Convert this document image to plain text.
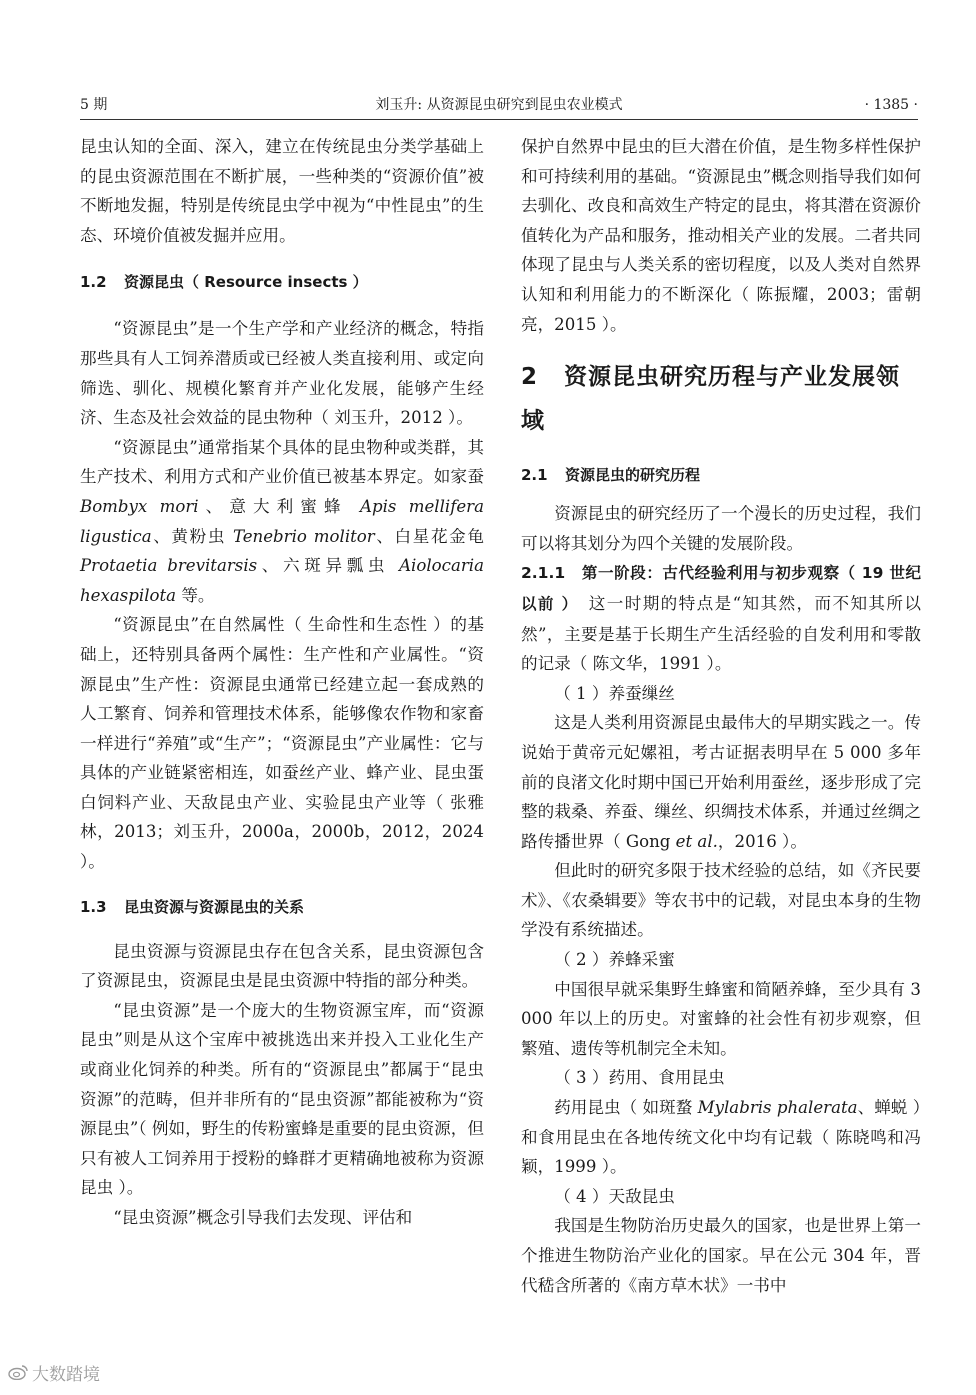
5 期	刘玉升: 从资源昆虫研究到昆虫农业模式	· 1385 ·

昆虫认知的全面、深入，建立在传统昆虫分类学基础上的昆虫资源范围在不断扩展，一些种类的“资源价值”被不断地发掘，特别是传统昆虫学中视为“中性昆虫”的生态、环境价值被发掘并应用。

1.2 资源昆虫（ Resource insects ）

“资源昆虫”是一个生产学和产业经济的概念，特指那些具有人工饲养潜质或已经被人类直接利用、或定向筛选、驯化、规模化繁育并产业化发展，能够产生经济、生态及社会效益的昆虫物种（ 刘玉升，2012 ）。

“资源昆虫”通常指某个具体的昆虫物种或类群，其生产技术、利用方式和产业价值已被基本界定。如家蚕 Bombyx mori、意大利蜜蜂 Apis mellifera ligustica、黄粉虫 Tenebrio molitor、白星花金龟 Protaetia brevitarsis、六斑异瓢虫 Aiolocaria hexaspilota 等。

“资源昆虫”在自然属性（ 生命性和生态性 ）的基础上，还特别具备两个属性：生产性和产业属性。“资源昆虫”生产性：资源昆虫通常已经建立起一套成熟的人工繁育、饲养和管理技术体系，能够像农作物和家畜一样进行“养殖”或“生产”；“资源昆虫”产业属性：它与具体的产业链紧密相连，如蚕丝产业、蜂产业、昆虫蛋白饲料产业、天敌昆虫产业、实验昆虫产业等（ 张雅林，2013；刘玉升，2000a，2000b，2012，2024 ）。

1.3 昆虫资源与资源昆虫的关系

昆虫资源与资源昆虫存在包含关系，昆虫资源包含了资源昆虫，资源昆虫是昆虫资源中特指的部分种类。

“昆虫资源”是一个庞大的生物资源宝库，而“资源昆虫”则是从这个宝库中被挑选出来并投入工业化生产或商业化饲养的种类。所有的“资源昆虫”都属于“昆虫资源”的范畴，但并非所有的“昆虫资源”都能被称为“资源昆虫”（ 例如，野生的传粉蜜蜂是重要的昆虫资源，但只有被人工饲养用于授粉的蜂群才更精确地被称为资源昆虫 ）。

“昆虫资源”概念引导我们去发现、评估和

保护自然界中昆虫的巨大潜在价值，是生物多样性保护和可持续利用的基础。“资源昆虫”概念则指导我们如何去驯化、改良和高效生产特定的昆虫，将其潜在资源价值转化为产品和服务，推动相关产业的发展。二者共同体现了昆虫与人类关系的密切程度，以及人类对自然界认知和利用能力的不断深化（ 陈振耀，2003；雷朝亮，2015 ）。

2 资源昆虫研究历程与产业发展领域
2.1 资源昆虫的研究历程

资源昆虫的研究经历了一个漫长的历史过程，我们可以将其划分为四个关键的发展阶段。

2.1.1　第一阶段：古代经验利用与初步观察（ 19 世纪以前 ）　这一时期的特点是“知其然，而不知其所以然”，主要是基于长期生产生活经验的自发利用和零散的记录（ 陈文华，1991 ）。

（ 1 ）养蚕缫丝

这是人类利用资源昆虫最伟大的早期实践之一。传说始于黄帝元妃嫘祖，考古证据表明早在 5 000 多年前的良渚文化时期中国已开始利用蚕丝，逐步形成了完整的栽桑、养蚕、缫丝、织绸技术体系，并通过丝绸之路传播世界（ Gong et al.，2016 ）。

但此时的研究多限于技术经验的总结，如《齐民要术》、《农桑辑要》等农书中的记载，对昆虫本身的生物学没有系统描述。

（ 2 ）养蜂采蜜

中国很早就采集野生蜂蜜和简陋养蜂，至少具有 3 000 年以上的历史。对蜜蜂的社会性有初步观察，但繁殖、遗传等机制完全未知。

（ 3 ）药用、食用昆虫

药用昆虫（ 如斑蝥 Mylabris phalerata、蝉蜕 ）和食用昆虫在各地传统文化中均有记载（ 陈晓鸣和冯颖，1999 ）。

（ 4 ）天敌昆虫

我国是生物防治历史最久的国家，也是世界上第一个推进生物防治产业化的国家。早在公元 304 年，晋代嵇含所著的《南方草木状》一书中

大数踏境
